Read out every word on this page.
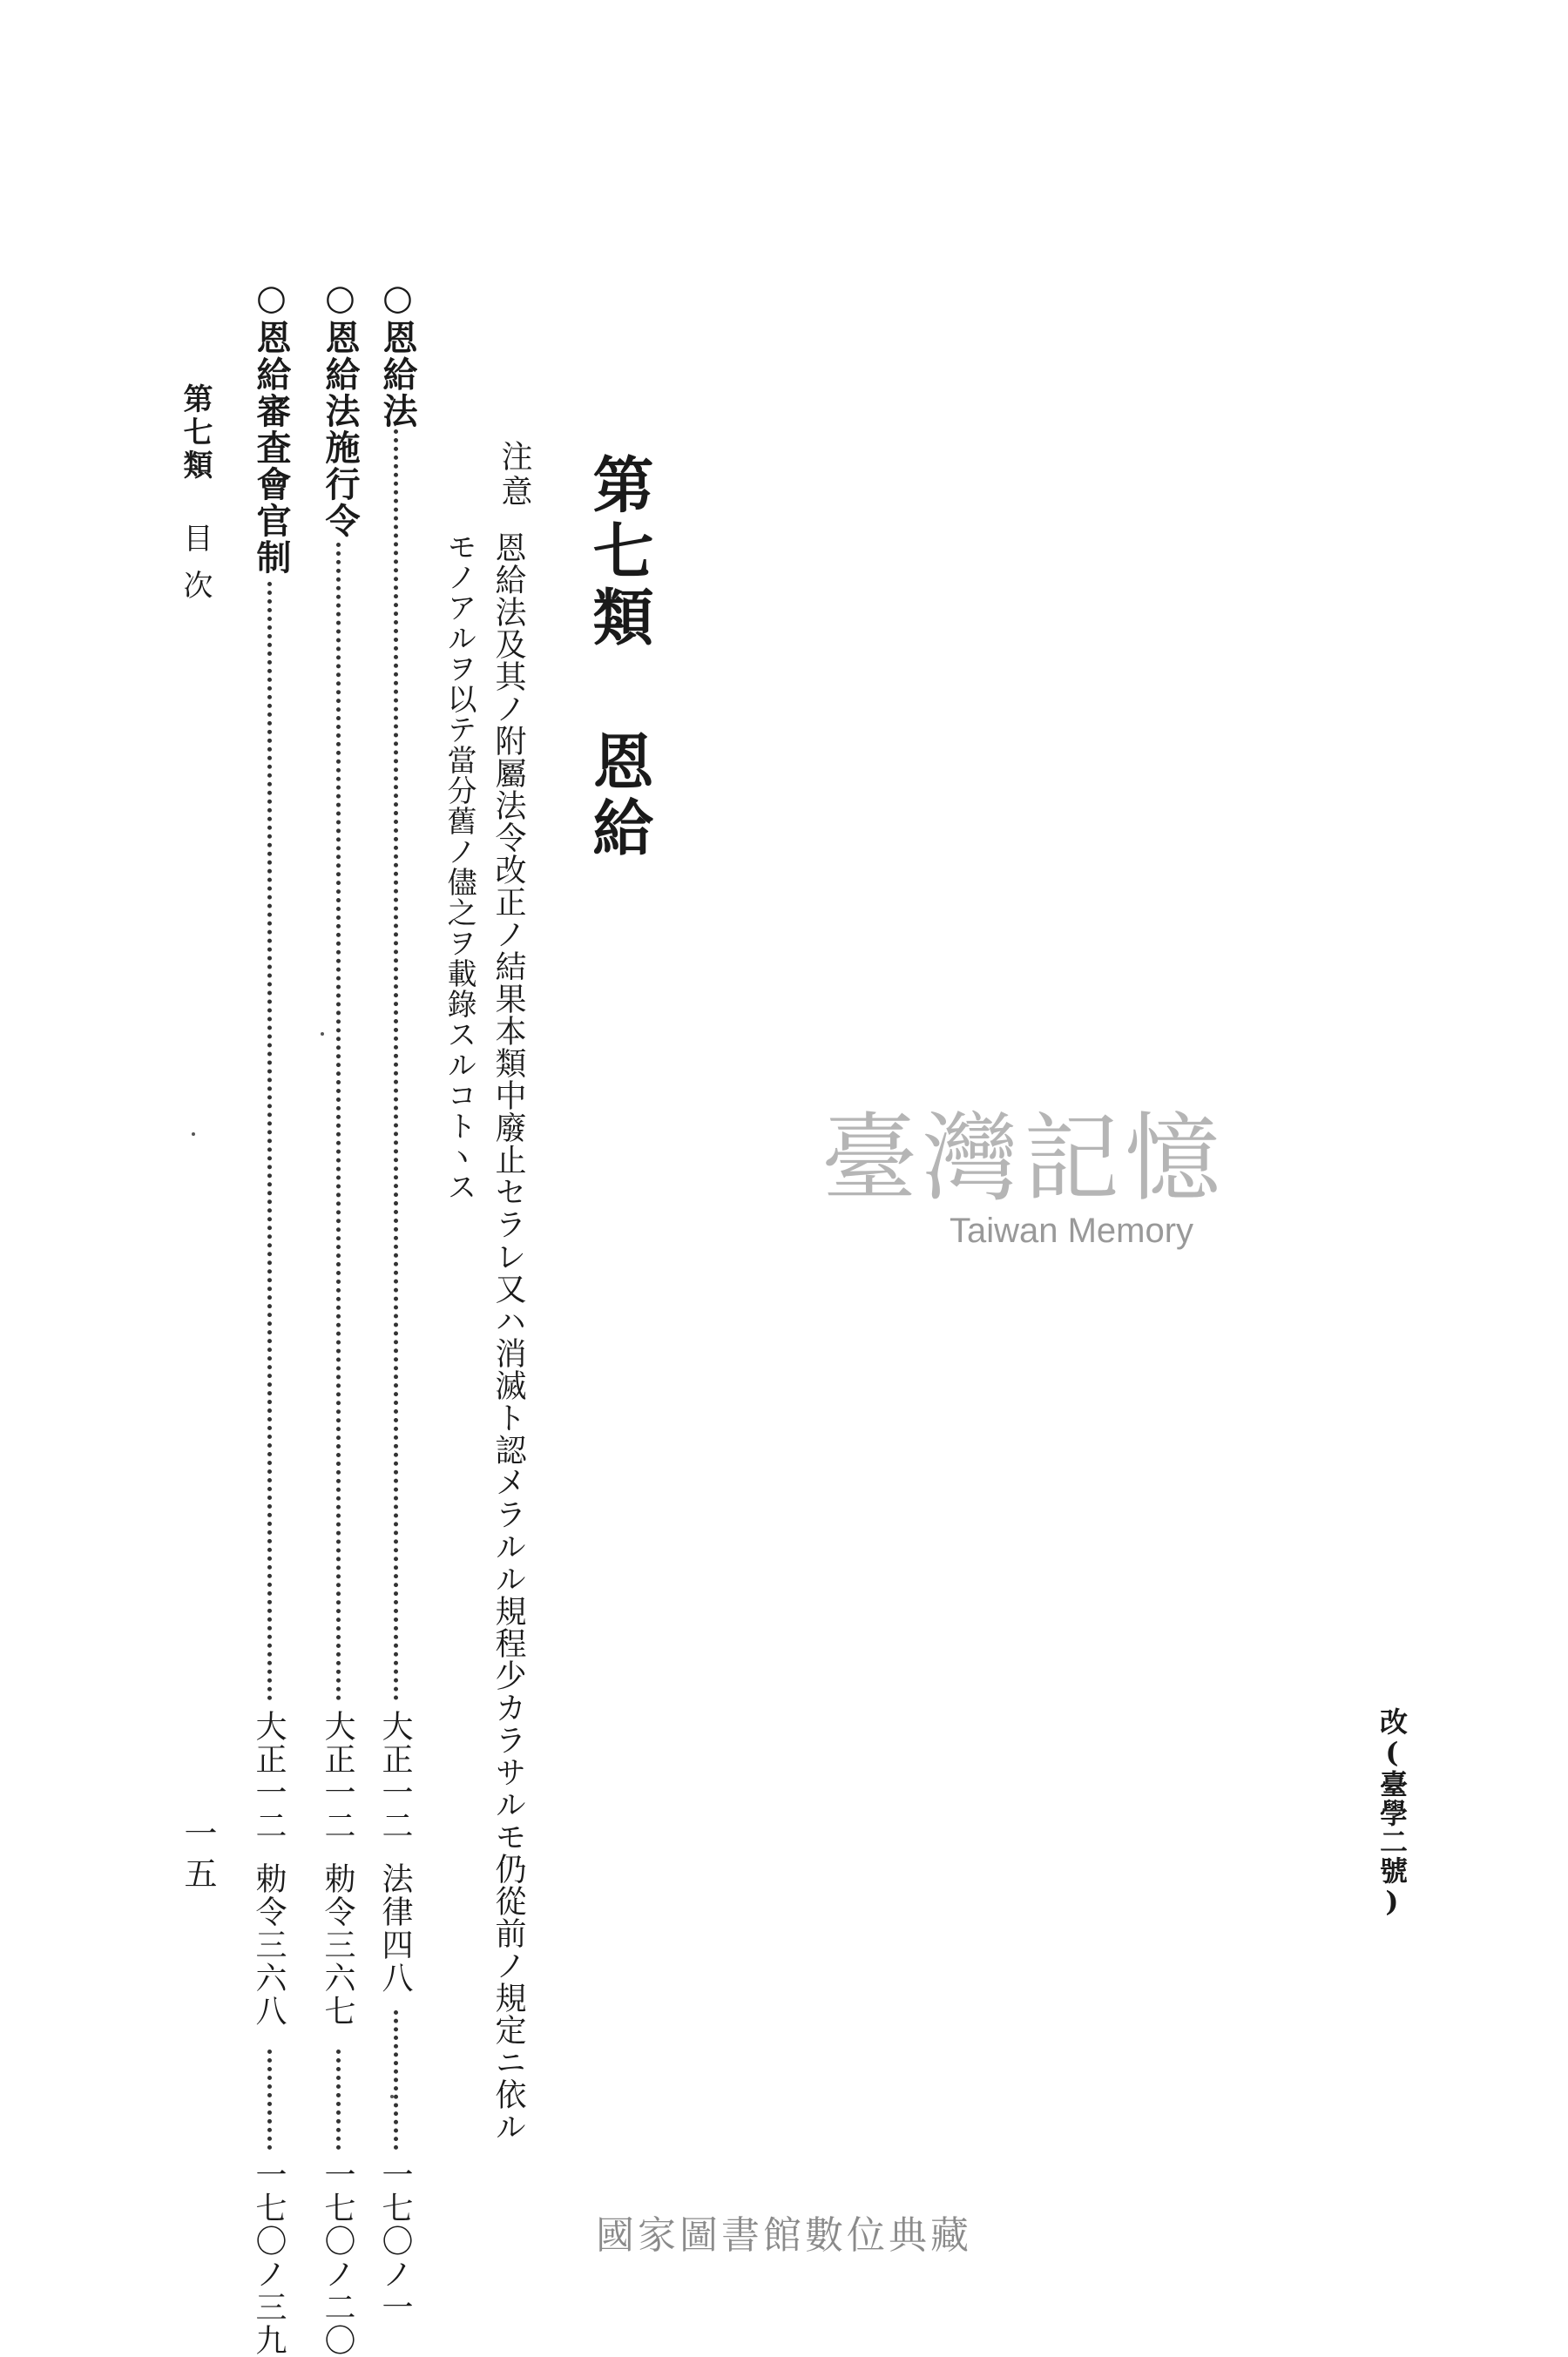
第七類恩給
注意
恩給法及其ノ附屬法令改正ノ結果本類中廢止セラレ又ハ消滅ト認メラルル規程少カラサルモ仍從前ノ規定ニ依ル
モノアルヲ以テ當分舊ノ儘之ヲ載錄スルコトヽス
○恩給法
大正一二
法律四八
一七〇ノ一
○恩給法施行令
大正一二
勅令三六七
一七〇ノ二〇
○恩給審査會官制
大正一二
勅令三六八
一七〇ノ三九
第七類
目次
一五	改(臺學二號)
臺灣記憶
Taiwan Memory
國家圖書館數位典藏
